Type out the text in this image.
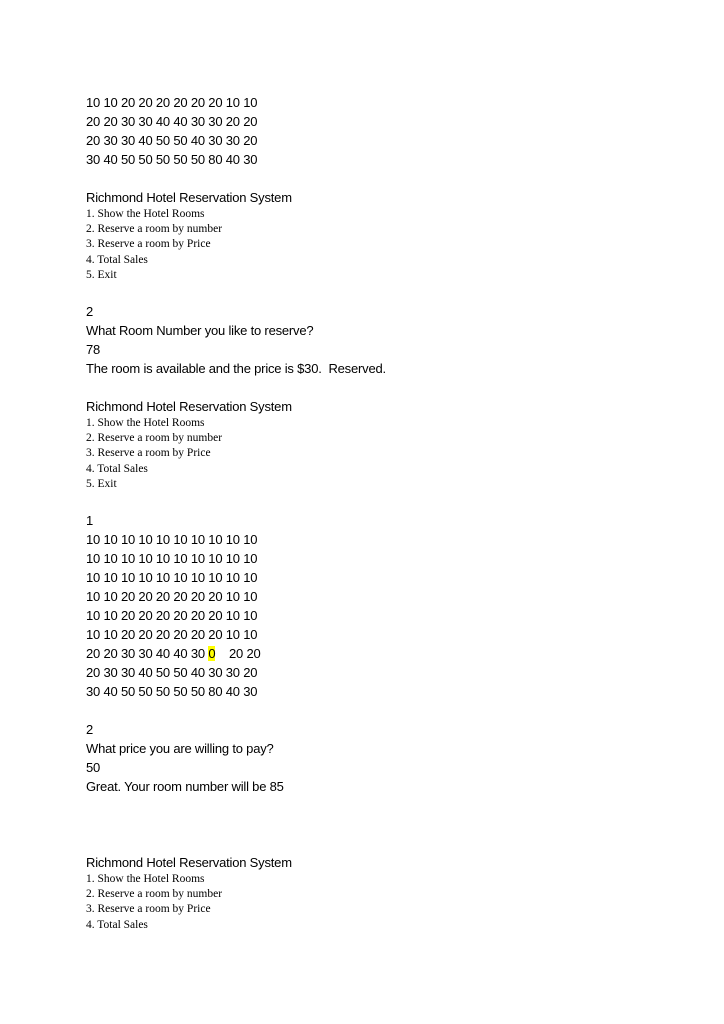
10 10 20 20 20 20 20 20 10 10
20 20 30 30 40 40 30 30 20 20
20 30 30 40 50 50 40 30 30 20
30 40 50 50 50 50 50 80 40 30
Richmond Hotel Reservation System
1. Show the Hotel Rooms
2. Reserve a room by number
3. Reserve a room by Price
4. Total Sales
5. Exit
2
What Room Number you like to reserve?
78
The room is available and the price is $30.  Reserved.
Richmond Hotel Reservation System
1. Show the Hotel Rooms
2. Reserve a room by number
3. Reserve a room by Price
4. Total Sales
5. Exit
1
10 10 10 10 10 10 10 10 10 10
10 10 10 10 10 10 10 10 10 10
10 10 10 10 10 10 10 10 10 10
10 10 20 20 20 20 20 20 10 10
10 10 20 20 20 20 20 20 10 10
10 10 20 20 20 20 20 20 10 10
20 20 30 30 40 40 30 0    20 20
20 30 30 40 50 50 40 30 30 20
30 40 50 50 50 50 50 80 40 30
2
What price you are willing to pay?
50
Great. Your room number will be 85
Richmond Hotel Reservation System
1. Show the Hotel Rooms
2. Reserve a room by number
3. Reserve a room by Price
4. Total Sales
